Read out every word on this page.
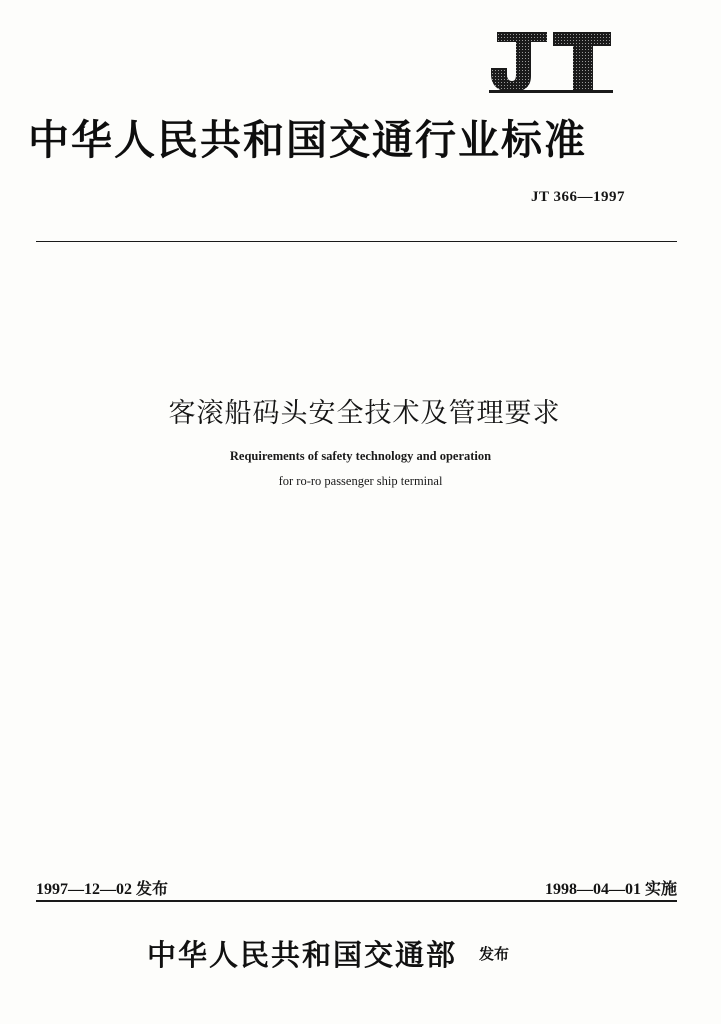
中华人民共和国交通行业标准
JT 366—1997
客滚船码头安全技术及管理要求
Requirements of safety technology and operation
for ro-ro passenger ship terminal
1997—12—02 发布	1998—04—01 实施
中华人民共和国交通部 发布
